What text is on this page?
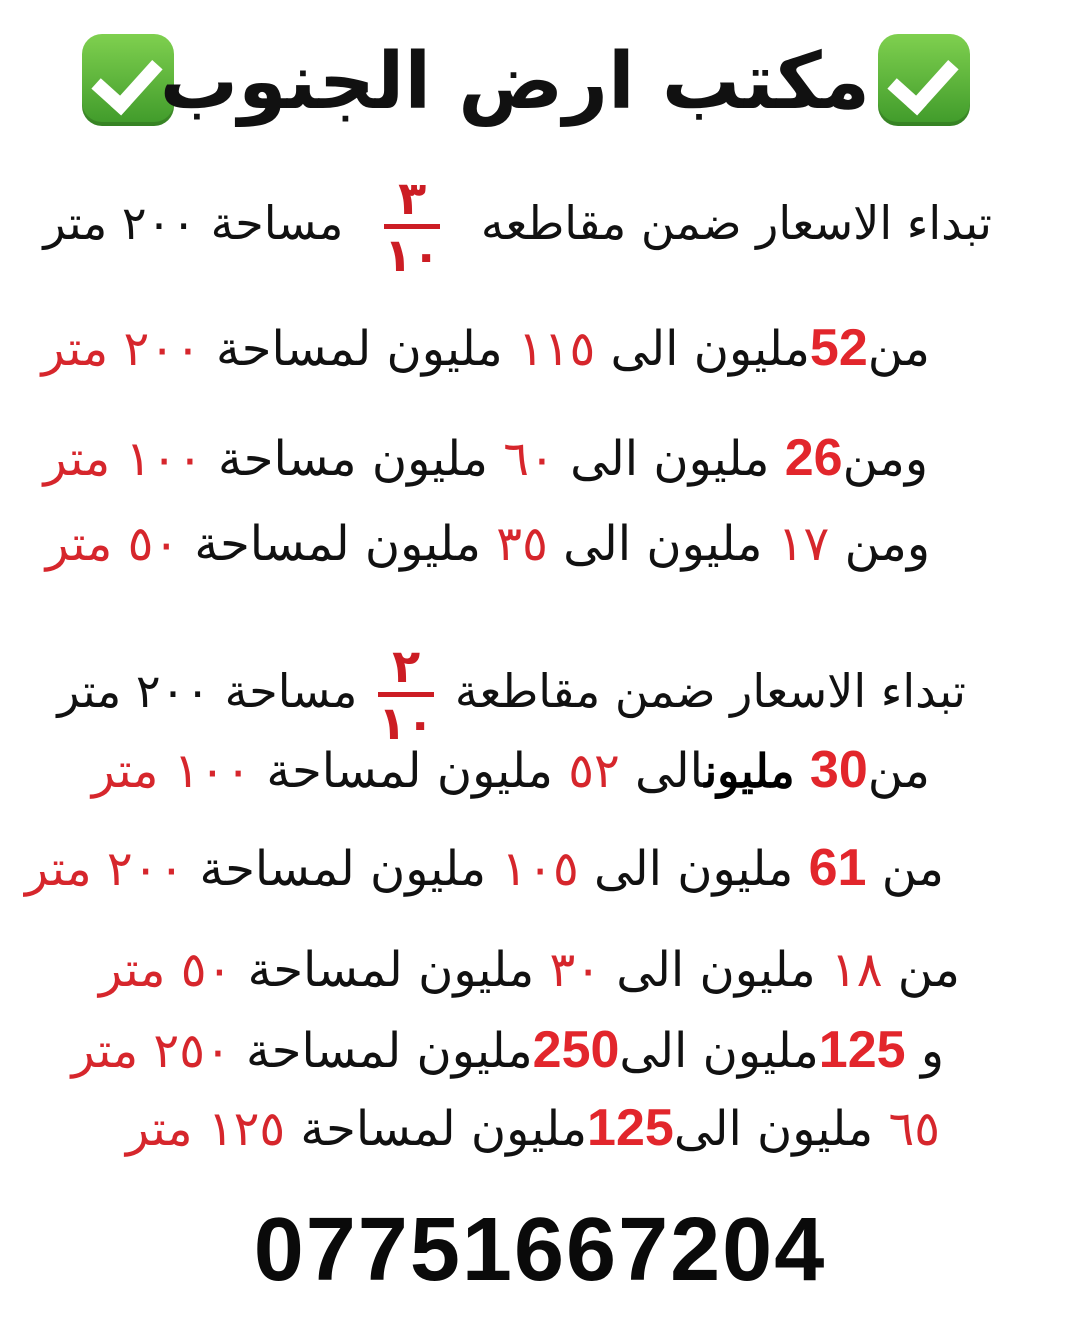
مكتب ارض الجنوب
تبداء الاسعار ضمن مقاطعه
$\frac{٣}{١٠}$
مساحة ٢٠٠ متر
من52مليون الى ١١٥ مليون لمساحة ٢٠٠ متر
ومن26 مليون الى ٦٠ مليون مساحة ١٠٠ متر
ومن ١٧ مليون الى ٣٥ مليون لمساحة ٥٠ متر
تبداء الاسعار ضمن مقاطعة
$\frac{٢}{١٠}$
مساحة ٢٠٠ متر
من30 مليونالى ٥٢ مليون لمساحة ١٠٠ متر
من 61 مليون الى ١٠٥ مليون لمساحة ٢٠٠ متر
من ١٨ مليون الى ٣٠ مليون لمساحة ٥٠ متر
و 125مليون الى250مليون لمساحة ٢٥٠ متر
٦٥ مليون الى125مليون لمساحة ١٢٥ متر
07751667204
